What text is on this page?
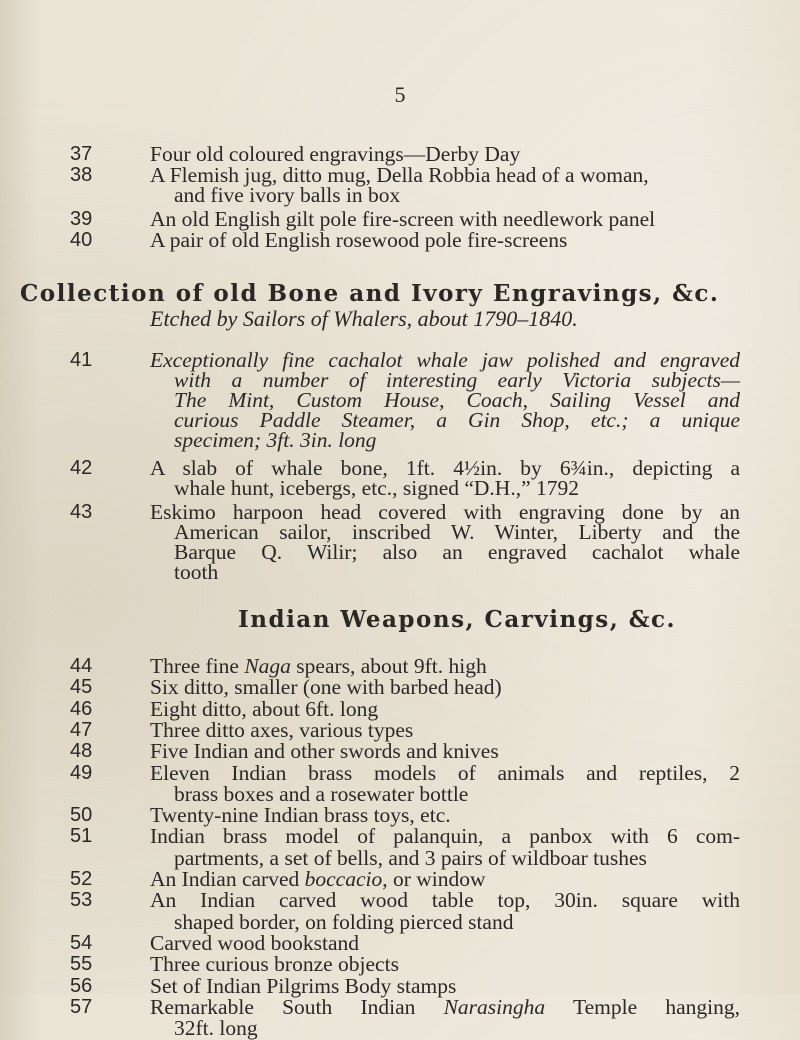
5
37	Four old coloured engravings—Derby Day
38	A Flemish jug, ditto mug, Della Robbia head of a woman,
and five ivory balls in box
39	An old English gilt pole fire-screen with needlework panel
40	A pair of old English rosewood pole fire-screens
Collection of old Bone and Ivory Engravings, &c.
Etched by Sailors of Whalers, about 1790–1840.
41	Exceptionally fine cachalot whale jaw polished and engraved
with a number of interesting early Victoria subjects—
The Mint, Custom House, Coach, Sailing Vessel and
curious Paddle Steamer, a Gin Shop, etc.; a unique
specimen; 3ft. 3in. long
42	A slab of whale bone, 1ft. 4½in. by 6¾in., depicting a
whale hunt, icebergs, etc., signed “D.H.,” 1792
43	Eskimo harpoon head covered with engraving done by an
American sailor, inscribed W. Winter, Liberty and the
Barque Q. Wilir; also an engraved cachalot whale
tooth
Indian Weapons, Carvings, &c.
44	Three fine Naga spears, about 9ft. high
45	Six ditto, smaller (one with barbed head)
46	Eight ditto, about 6ft. long
47	Three ditto axes, various types
48	Five Indian and other swords and knives
49	Eleven Indian brass models of animals and reptiles, 2
brass boxes and a rosewater bottle
50	Twenty-nine Indian brass toys, etc.
51	Indian brass model of palanquin, a panbox with 6 com-
partments, a set of bells, and 3 pairs of wildboar tushes
52	An Indian carved boccacio, or window
53	An Indian carved wood table top, 30in. square with
shaped border, on folding pierced stand
54	Carved wood bookstand
55	Three curious bronze objects
56	Set of Indian Pilgrims Body stamps
57	Remarkable South Indian Narasingha Temple hanging,
32ft. long
